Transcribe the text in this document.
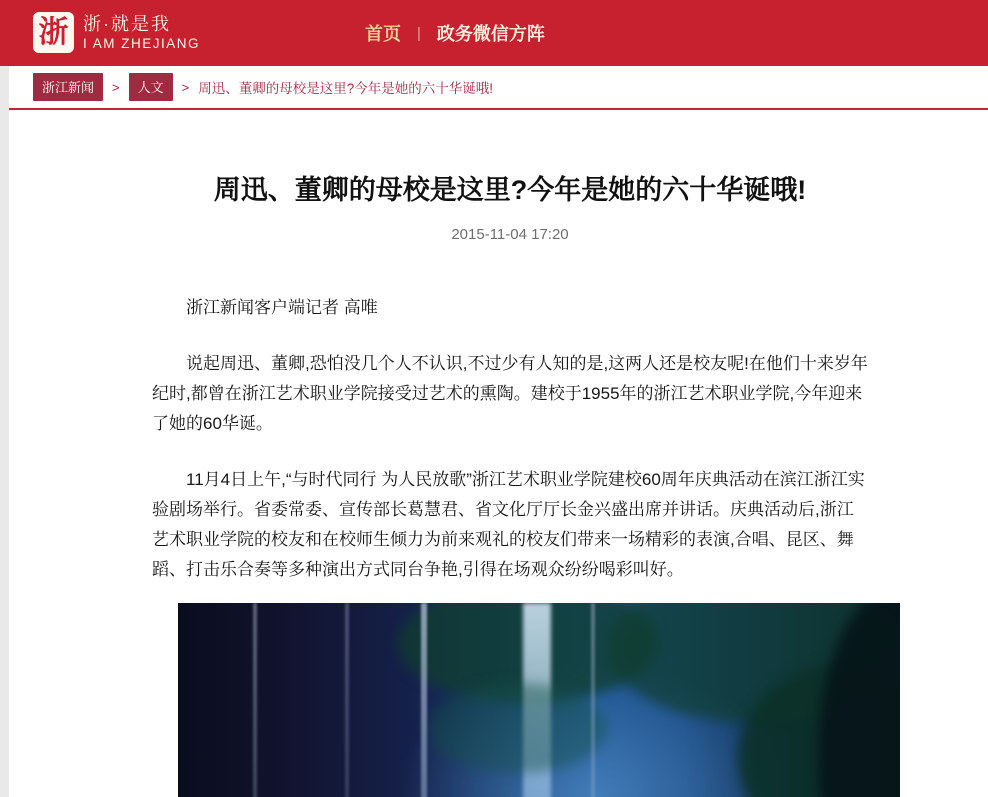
浙 浙·就是我
I AM ZHEJIANG	首页 | 政务微信方阵
浙江新闻	>	人文	> 周迅、董卿的母校是这里?今年是她的六十华诞哦!
周迅、董卿的母校是这里?今年是她的六十华诞哦!
2015-11-04 17:20

浙江新闻客户端记者 高唯

说起周迅、董卿,恐怕没几个人不认识,不过少有人知的是,这两人还是校友呢!在他们十来岁年纪时,都曾在浙江艺术职业学院接受过艺术的熏陶。建校于1955年的浙江艺术职业学院,今年迎来了她的60华诞。

11月4日上午,“与时代同行 为人民放歌”浙江艺术职业学院建校60周年庆典活动在滨江浙江实验剧场举行。省委常委、宣传部长葛慧君、省文化厅厅长金兴盛出席并讲话。庆典活动后,浙江艺术职业学院的校友和在校师生倾力为前来观礼的校友们带来一场精彩的表演,合唱、昆区、舞蹈、打击乐合奏等多种演出方式同台争艳,引得在场观众纷纷喝彩叫好。
